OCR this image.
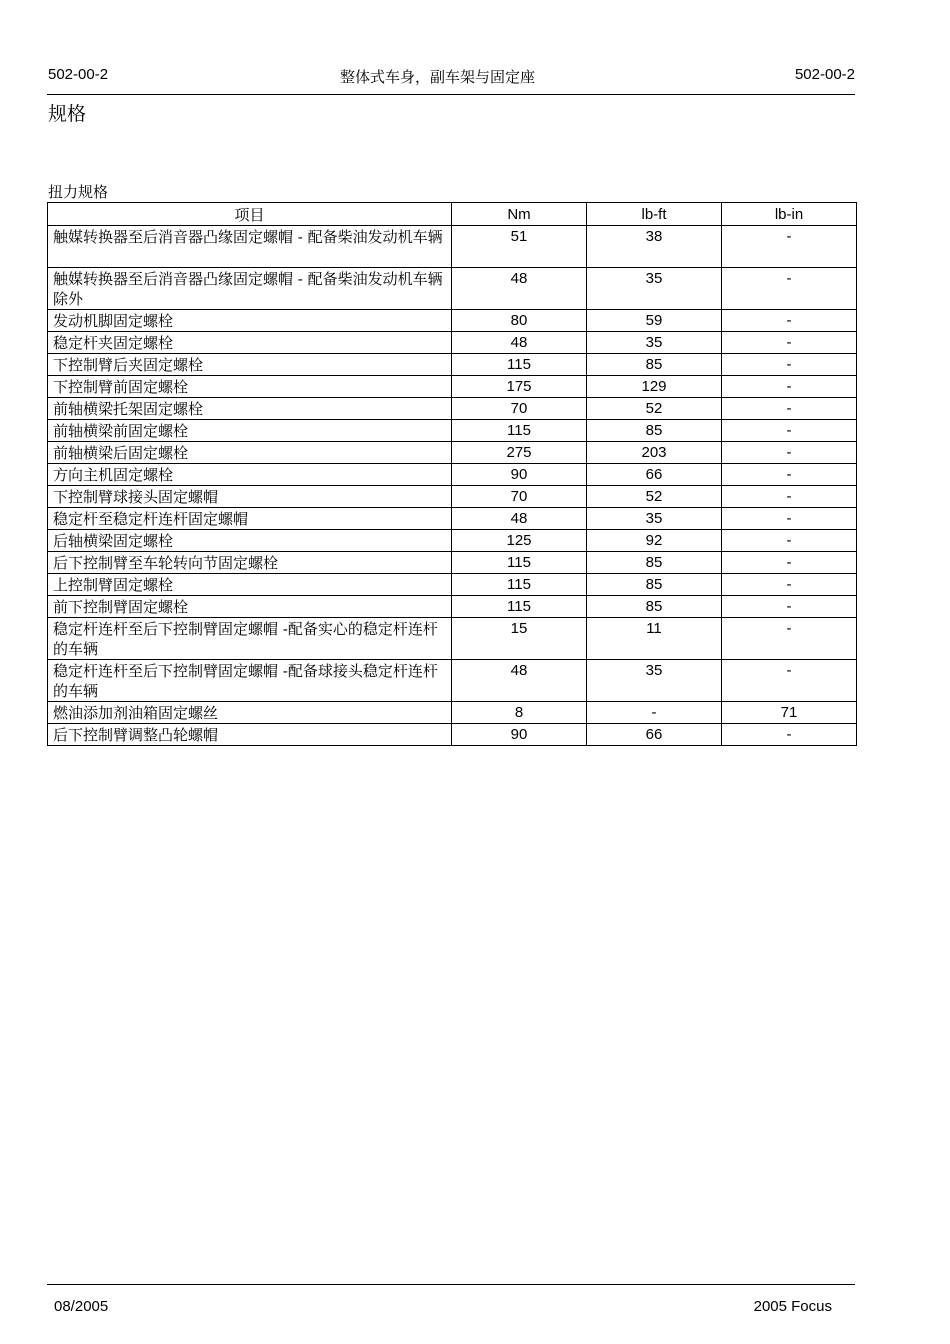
502-00-2	整体式车身，副车架与固定座	502-00-2
规格
扭力规格
项目	Nm	lb-ft	lb-in
触媒转换器至后消音器凸缘固定螺帽 - 配备柴油发动机车辆	51	38	-
触媒转换器至后消音器凸缘固定螺帽 - 配备柴油发动机车辆除外	48	35	-
发动机脚固定螺栓	80	59	-
稳定杆夹固定螺栓	48	35	-
下控制臂后夹固定螺栓	115	85	-
下控制臂前固定螺栓	175	129	-
前轴横梁托架固定螺栓	70	52	-
前轴横梁前固定螺栓	115	85	-
前轴横梁后固定螺栓	275	203	-
方向主机固定螺栓	90	66	-
下控制臂球接头固定螺帽	70	52	-
稳定杆至稳定杆连杆固定螺帽	48	35	-
后轴横梁固定螺栓	125	92	-
后下控制臂至车轮转向节固定螺栓	115	85	-
上控制臂固定螺栓	115	85	-
前下控制臂固定螺栓	115	85	-
稳定杆连杆至后下控制臂固定螺帽 -配备实心的稳定杆连杆的车辆	15	11	-
稳定杆连杆至后下控制臂固定螺帽 -配备球接头稳定杆连杆的车辆	48	35	-
燃油添加剂油箱固定螺丝	8	-	71
后下控制臂调整凸轮螺帽	90	66	-
08/2005	2005 Focus
